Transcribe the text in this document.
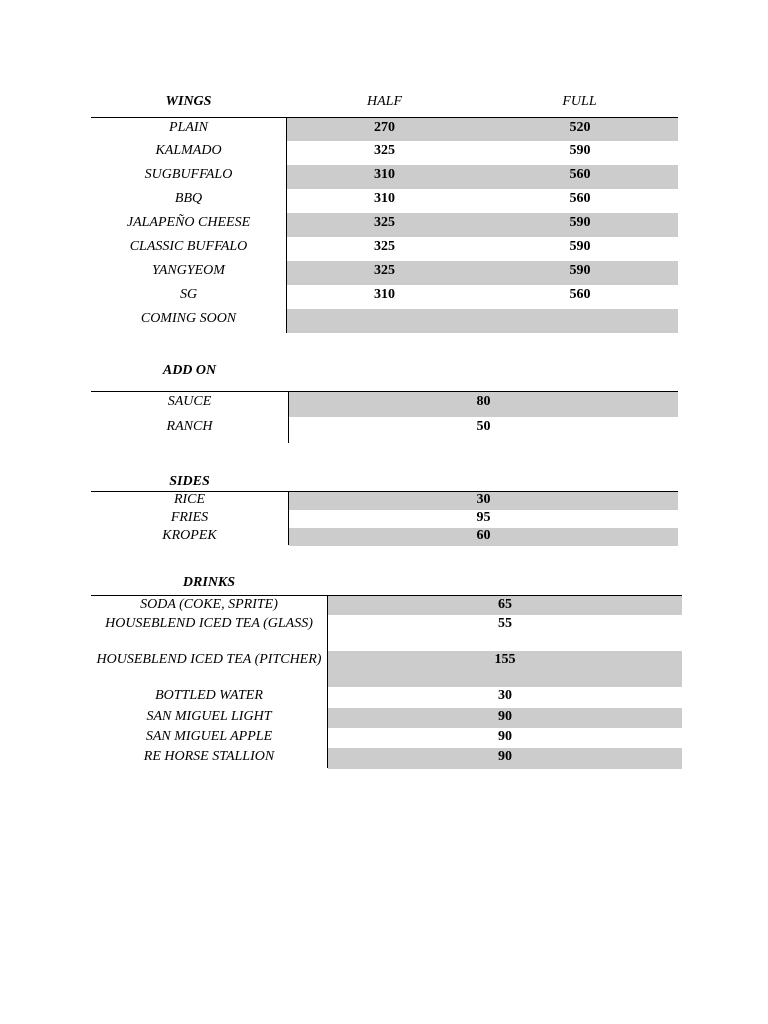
WINGS	HALF	FULL
PLAIN	270	520
KALMADO	325	590
SUGBUFFALO	310	560
BBQ	310	560
JALAPEÑO CHEESE	325	590
CLASSIC BUFFALO	325	590
YANGYEOM	325	590
SG	310	560
COMING SOON
ADD ON
SAUCE	80
RANCH	50
SIDES
RICE	30
FRIES	95
KROPEK	60
DRINKS
SODA (COKE, SPRITE)	65
HOUSEBLEND ICED TEA (GLASS)	55
HOUSEBLEND ICED TEA (PITCHER)	155
BOTTLED WATER	30
SAN MIGUEL LIGHT	90
SAN MIGUEL APPLE	90
RE HORSE STALLION	90
